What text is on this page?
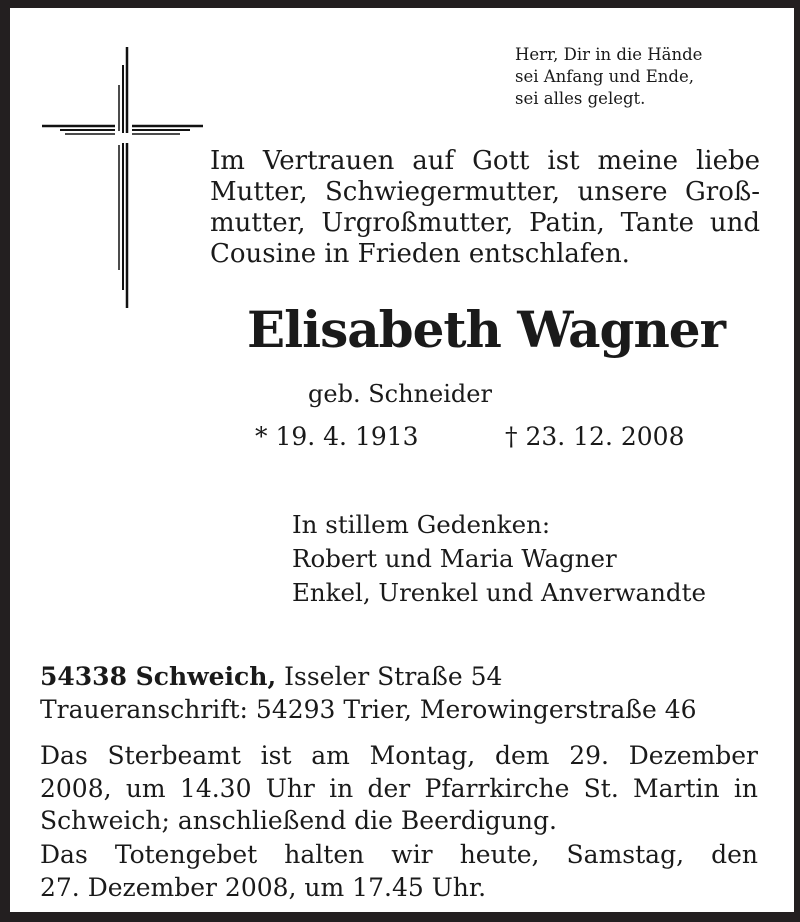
Herr, Dir in die Hände
sei Anfang und Ende,
sei alles gelegt.
Im Vertrauen auf Gott ist meine liebe
Mutter, Schwiegermutter, unsere Groß-
mutter, Urgroßmutter, Patin, Tante und
Cousine in Frieden entschlafen.
Elisabeth Wagner
geb. Schneider
* 19. 4. 1913	† 23. 12. 2008
In stillem Gedenken:
Robert und Maria Wagner
Enkel, Urenkel und Anverwandte
54338 Schweich, Isseler Straße 54
Traueranschrift: 54293 Trier, Merowingerstraße 46
Das Sterbeamt ist am Montag, dem 29. Dezember
2008, um 14.30 Uhr in der Pfarrkirche St. Martin in
Schweich; anschließend die Beerdigung.
Das Totengebet halten wir heute, Samstag, den
27. Dezember 2008, um 17.45 Uhr.
